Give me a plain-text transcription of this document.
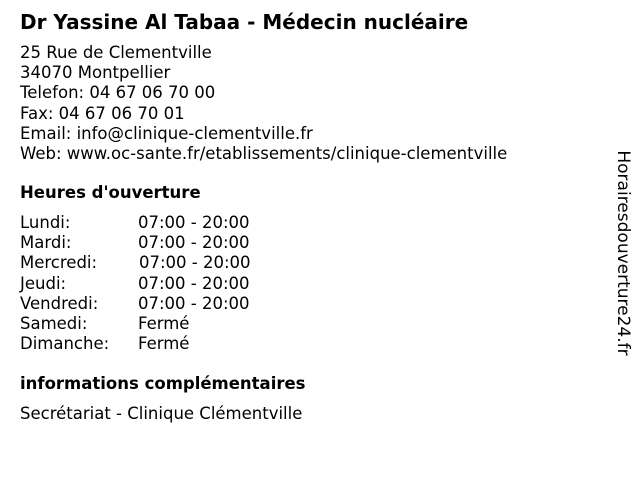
Dr Yassine Al Tabaa - Médecin nucléaire
25 Rue de Clementville
34070 Montpellier
Telefon: 04 67 06 70 00
Fax: 04 67 06 70 01
Email: info@clinique-clementville.fr
Web: www.oc-sante.fr/etablissements/clinique-clementville
Heures d'ouverture
Lundi:	07:00 - 20:00
Mardi:	07:00 - 20:00
Mercredi:	07:00 - 20:00
Jeudi:	07:00 - 20:00
Vendredi: 07:00 - 20:00
Samedi:	Fermé
Dimanche: Fermé
informations complémentaires
Secrétariat - Clinique Clémentville
Horairesdouverture24.fr
